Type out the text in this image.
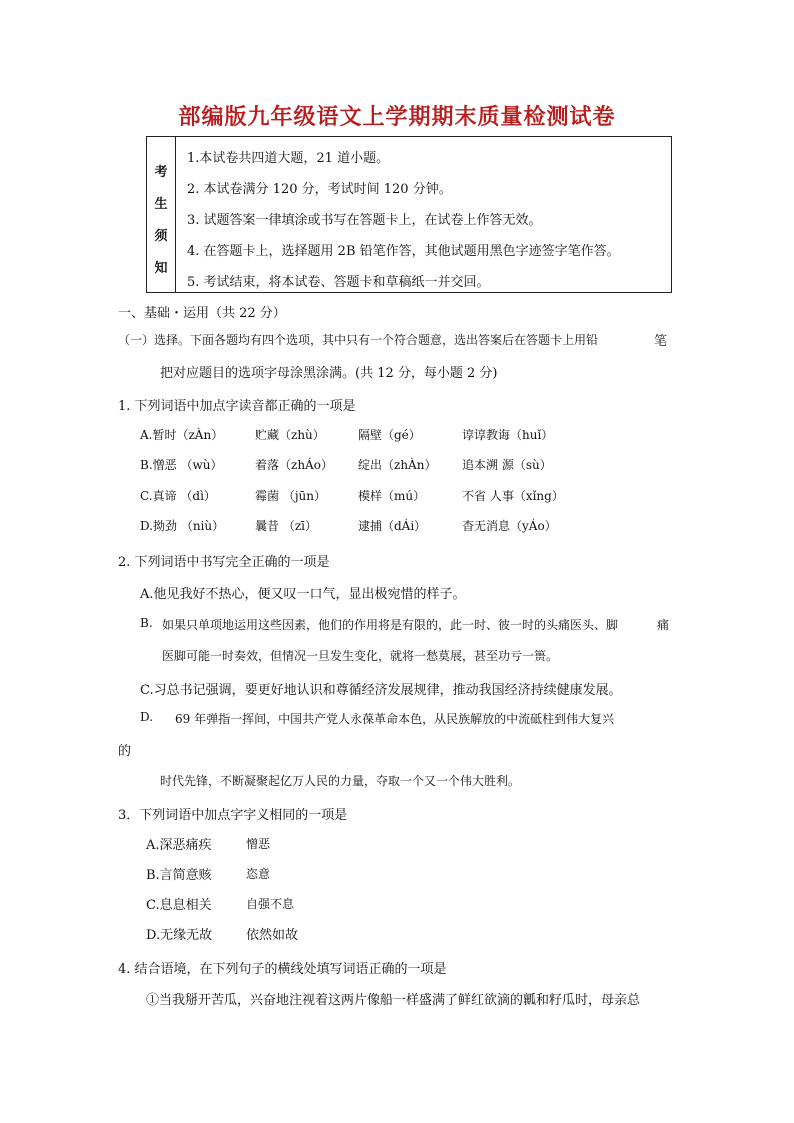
部编版九年级语文上学期期末质量检测试卷
考
生
须
知
1.本试卷共四道大题，21 道小题。
2. 本试卷满分 120 分，考试时间 120 分钟。
3. 试题答案一律填涂或书写在答题卡上，在试卷上作答无效。
4. 在答题卡上，选择题用 2B 铅笔作答，其他试题用黑色字迹签字笔作答。
5. 考试结束，将本试卷、答题卡和草稿纸一并交回。
一、基础・运用（共 22 分）
（一）选择。下面各题均有四个选项，其中只有一个符合题意，选出答案后在答题卡上用铅	笔
把对应题目的选项字母涂黑涂满。(共 12 分，每小题 2 分)
1. 下列词语中加点字读音都正确的一项是
A.暂时（zÀn）	贮藏（zhù）	隔壁（gé）	谆谆教诲（huǐ）
B.憎恶 （wù）	着落（zhÁo） 绽出（zhÀn） 追本溯 源（sù）
C.真谛 （dì）	霉菌 （jūn）	模样（mú）	不省 人事（xǐng）
D.拗劲 （niù）	曩昔 （zī）	逮捕（dÁi）	杳无消息（yÁo）
2. 下列词语中书写完全正确的一项是
A.他见我好不热心，便又叹一口气，显出极宛惜的样子。
B. 如果只单项地运用这些因素，他们的作用将是有限的，此一时、彼一时的头痛医头、脚	痛
医脚可能一时奏效，但情况一旦发生变化，就将一愁莫展，甚至功亏一篑。
C.习总书记强调，要更好地认识和尊循经济发展规律，推动我国经济持续健康发展。
D. 69 年弹指一挥间，中国共产党人永葆革命本色，从民族解放的中流砥柱到伟大复兴
的
时代先锋，不断凝聚起亿万人民的力量，夺取一个又一个伟大胜利。
3．下列词语中加点字字义相同的一项是
A.深恶痛疾	憎恶
B.言简意赅	恣意
C.息息相关	自强不息
D.无缘无故	依然如故
4. 结合语境，在下列句子的横线处填写词语正确的一项是
①当我掰开苦瓜，兴奋地注视着这两片像船一样盛满了鲜红欲滴的瓤和籽瓜时，母亲总
